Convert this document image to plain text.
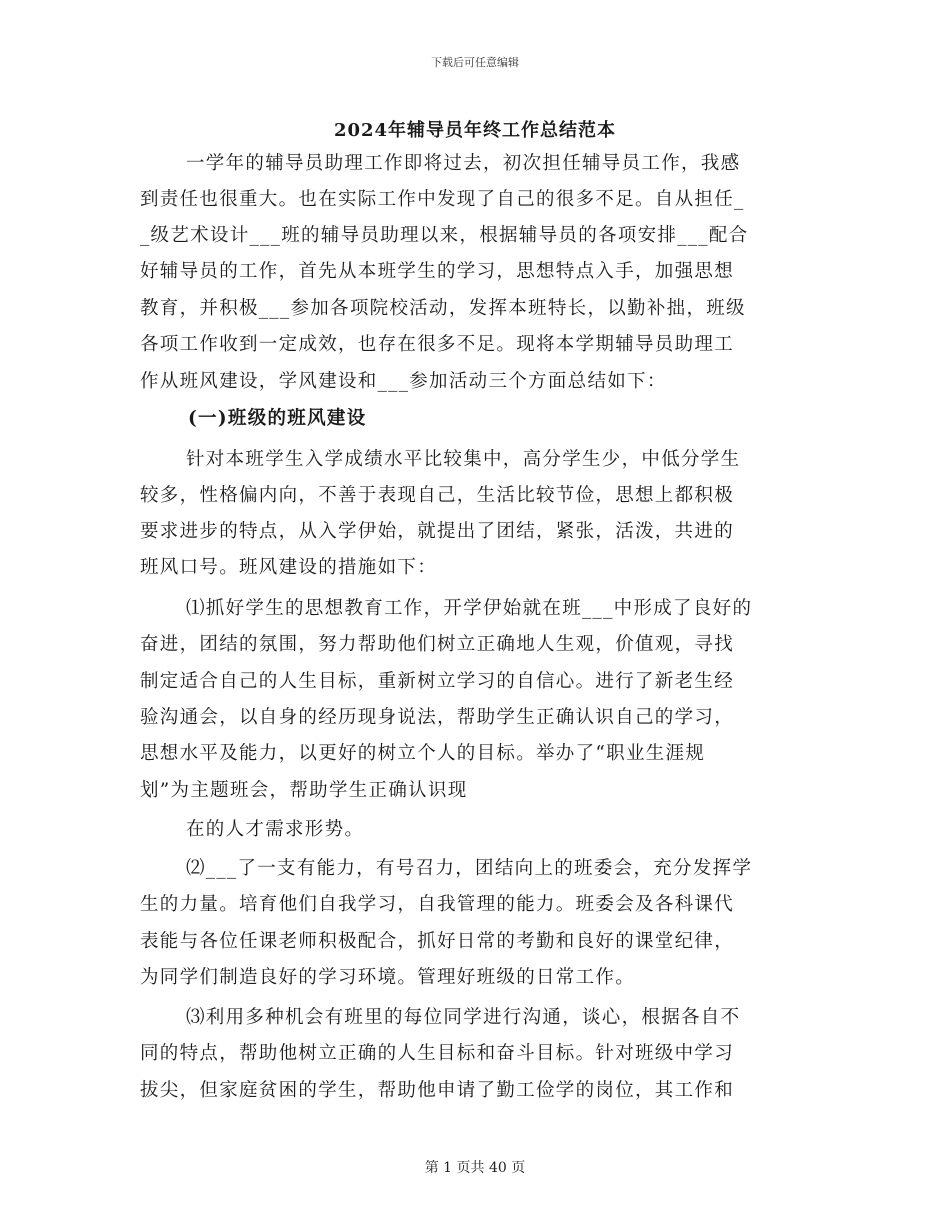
下载后可任意编辑
2024年辅导员年终工作总结范本
一学年的辅导员助理工作即将过去，初次担任辅导员工作，我感
到责任也很重大。也在实际工作中发现了自己的很多不足。自从担任_
_级艺术设计___班的辅导员助理以来，根据辅导员的各项安排___配合
好辅导员的工作，首先从本班学生的学习，思想特点入手，加强思想
教育，并积极___参加各项院校活动，发挥本班特长，以勤补拙，班级
各项工作收到一定成效，也存在很多不足。现将本学期辅导员助理工
作从班风建设，学风建设和___参加活动三个方面总结如下：
(一)班级的班风建设
针对本班学生入学成绩水平比较集中，高分学生少，中低分学生
较多，性格偏内向，不善于表现自己，生活比较节俭，思想上都积极
要求进步的特点，从入学伊始，就提出了团结，紧张，活泼，共进的
班风口号。班风建设的措施如下：
⑴抓好学生的思想教育工作，开学伊始就在班___中形成了良好的
奋进，团结的氛围，努力帮助他们树立正确地人生观，价值观，寻找
制定适合自己的人生目标，重新树立学习的自信心。进行了新老生经
验沟通会，以自身的经历现身说法，帮助学生正确认识自己的学习，
思想水平及能力，以更好的树立个人的目标。举办了“职业生涯规
划”为主题班会，帮助学生正确认识现
在的人才需求形势。
⑵___了一支有能力，有号召力，团结向上的班委会，充分发挥学
生的力量。培育他们自我学习，自我管理的能力。班委会及各科课代
表能与各位任课老师积极配合，抓好日常的考勤和良好的课堂纪律，
为同学们制造良好的学习环境。管理好班级的日常工作。
⑶利用多种机会有班里的每位同学进行沟通，谈心，根据各自不
同的特点，帮助他树立正确的人生目标和奋斗目标。针对班级中学习
拔尖，但家庭贫困的学生，帮助他申请了勤工俭学的岗位，其工作和
第 1 页共 40 页
